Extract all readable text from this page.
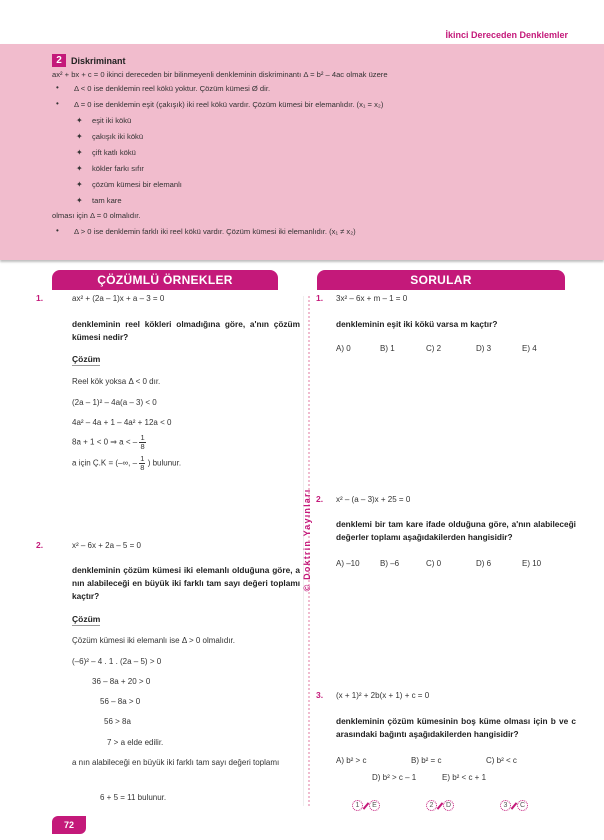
İkinci Dereceden Denklemler
2	Diskriminant
ax² + bx + c = 0 ikinci dereceden bir bilinmeyenli denkleminin diskriminantı Δ = b² – 4ac olmak üzere
• Δ < 0 ise denklemin reel kökü yoktur. Çözüm kümesi Ø dir.
• Δ = 0 ise denklemin eşit (çakışık) iki reel kökü vardır. Çözüm kümesi bir elemanlıdır. (x₁ = x₂)
✦ eşit iki kökü
✦ çakışık iki kökü
✦ çift katlı kökü
✦ kökler farkı sıfır
✦ çözüm kümesi bir elemanlı
✦ tam kare
olması için Δ = 0 olmalıdır.
• Δ > 0 ise denklemin farklı iki reel kökü vardır. Çözüm kümesi iki elemanlıdır. (x₁ ≠ x₂)
ÇÖZÜMLÜ ÖRNEKLER	SORULAR
© Doktrin Yayınları
1.	ax² + (2a – 1)x + a – 3 = 0
denkleminin reel kökleri olmadığına göre, a'nın çözüm kümesi nedir?
Çözüm
Reel kök yoksa Δ < 0 dır.
(2a – 1)² – 4a(a – 3) < 0
4a² – 4a + 1 – 4a² + 12a < 0
8a + 1 < 0 ⇒ a < – $\frac{1}{8}$
a için Ç.K = (–∞, – $\frac{1}{8}$ ) bulunur.
2.	x² – 6x + 2a – 5 = 0
denkleminin çözüm kümesi iki elemanlı olduğuna göre, a nın alabileceği en büyük iki farklı tam sayı değeri toplamı kaçtır?
Çözüm
Çözüm kümesi iki elemanlı ise Δ > 0 olmalıdır.
(–6)² – 4 . 1 . (2a – 5) > 0
36 – 8a + 20 > 0
56 – 8a > 0
56 > 8a
7 > a elde edilir.
a nın alabileceği en büyük iki farklı tam sayı değeri toplamı
6 + 5 = 11 bulunur.
1. 3x² – 6x + m – 1 = 0
denkleminin eşit iki kökü varsa m kaçtır?
A) 0	B) 1	C) 2	D) 3	E) 4
2. x² – (a – 3)x + 25 = 0
denklemi bir tam kare ifade olduğuna göre, a'nın alabileceği değerler toplamı aşağıdakilerden hangisidir?
A) –10	B) –6	C) 0	D) 6	E) 10
3. (x + 1)² + 2b(x + 1) + c = 0
denkleminin çözüm kümesinin boş küme olması için b ve c arasındaki bağıntı aşağıdakilerden hangisidir?
A) b² > c	B) b² = c	C) b² < c
D) b² > c – 1	E) b² < c + 1
1	E	2	D	3	C
72
